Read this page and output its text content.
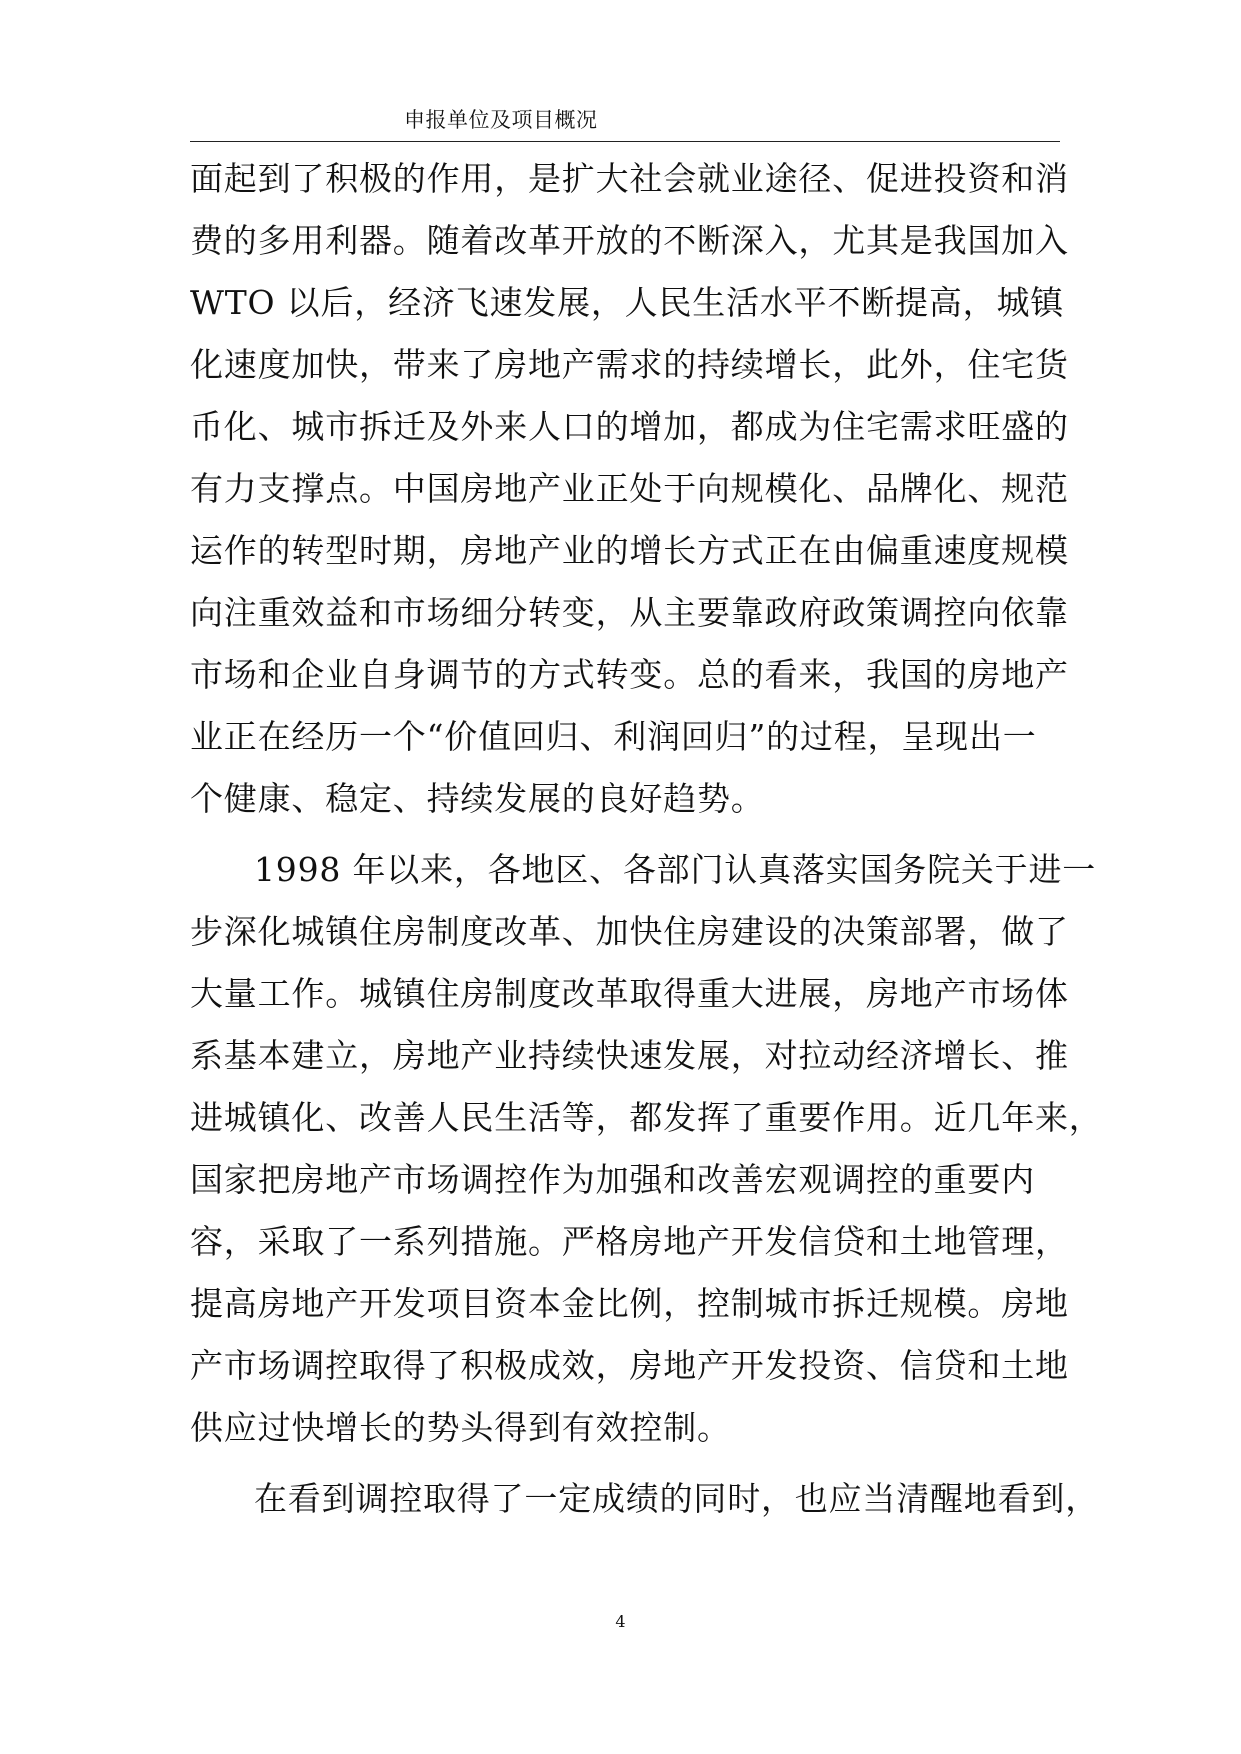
申报单位及项目概况
面起到了积极的作用，是扩大社会就业途径、促进投资和消
费的多用利器。随着改革开放的不断深入，尤其是我国加入
WTO 以后，经济飞速发展，人民生活水平不断提高，城镇
化速度加快，带来了房地产需求的持续增长，此外，住宅货
币化、城市拆迁及外来人口的增加，都成为住宅需求旺盛的
有力支撑点。中国房地产业正处于向规模化、品牌化、规范
运作的转型时期，房地产业的增长方式正在由偏重速度规模
向注重效益和市场细分转变，从主要靠政府政策调控向依靠
市场和企业自身调节的方式转变。总的看来，我国的房地产
业正在经历一个“价值回归、利润回归”的过程，呈现出一
个健康、稳定、持续发展的良好趋势。
1998 年以来，各地区、各部门认真落实国务院关于进一
步深化城镇住房制度改革、加快住房建设的决策部署，做了
大量工作。城镇住房制度改革取得重大进展，房地产市场体
系基本建立，房地产业持续快速发展，对拉动经济增长、推
进城镇化、改善人民生活等，都发挥了重要作用。近几年来，
国家把房地产市场调控作为加强和改善宏观调控的重要内
容，采取了一系列措施。严格房地产开发信贷和土地管理，
提高房地产开发项目资本金比例，控制城市拆迁规模。房地
产市场调控取得了积极成效，房地产开发投资、信贷和土地
供应过快增长的势头得到有效控制。
在看到调控取得了一定成绩的同时，也应当清醒地看到，
4
